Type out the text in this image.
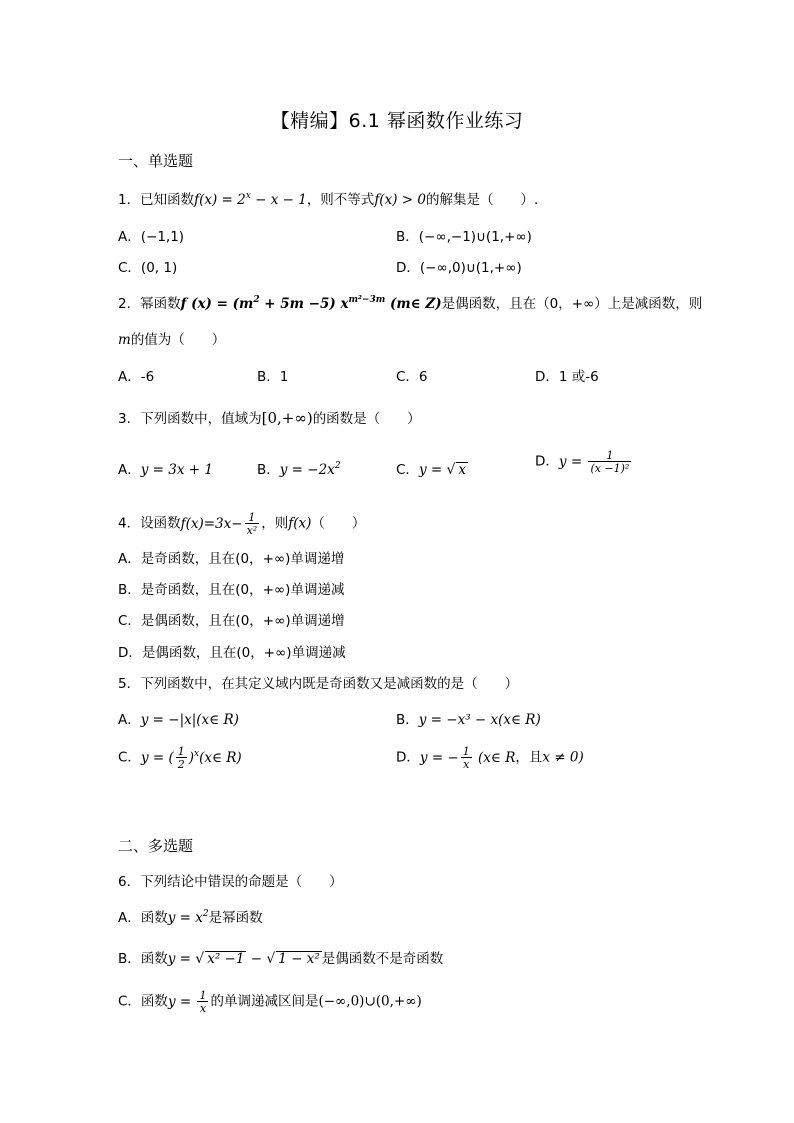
【精编】6.1 幂函数作业练习
一、单选题
1．已知函数$f(x) = 2^x - x - 1$，则不等式f(x) > 0的解集是（　　）.
A．(−1,1)	B．(−∞,−1)∪(1,+∞)
C．(0, 1)	D．(−∞,0)∪(1,+∞)
2．幂函数f $(x) = (m^2 + 5m -5)$ $x^{m^2-3m}$ (m∈ Z)是偶函数，且在（0，+∞）上是减函数，则
m的值为（　　）
A．-6	B．1	C．6	D．1 或-6
3．下列函数中，值域为[0,+∞)的函数是（　　）
A．y = 3x + 1	B．$y = -2x^2$	C．y = √ x
D．$y = \frac{1}{\text{(x −1)²}}$
4．设函数$f(x)=3x- \frac{1}{\text{x²}}$ ，则f(x)（　　）
A．是奇函数，且在(0，+∞)单调递增
B．是奇函数，且在(0，+∞)单调递减
C．是偶函数，且在(0，+∞)单调递增
D．是偶函数，且在(0，+∞)单调递减
5．下列函数中，在其定义域内既是奇函数又是减函数的是（　　）
A．y = −|x|(x∈ R)	B．y = −x³ − x(x∈ R)
C．y = ( $\frac{1}{2}$ )$^x$(x∈ R)	D．y = − $\frac{1}{x}$ (x∈ R，且x ≠ 0)
二、多选题
6．下列结论中错误的命题是（　　）
A．函数$y = x^2$是幂函数
B．函数y = √ x² −1 − √ 1 − x² 是偶函数不是奇函数
C．函数$y = \frac{1}{x}$ 的单调递减区间是(−∞,0)∪(0,+∞)
